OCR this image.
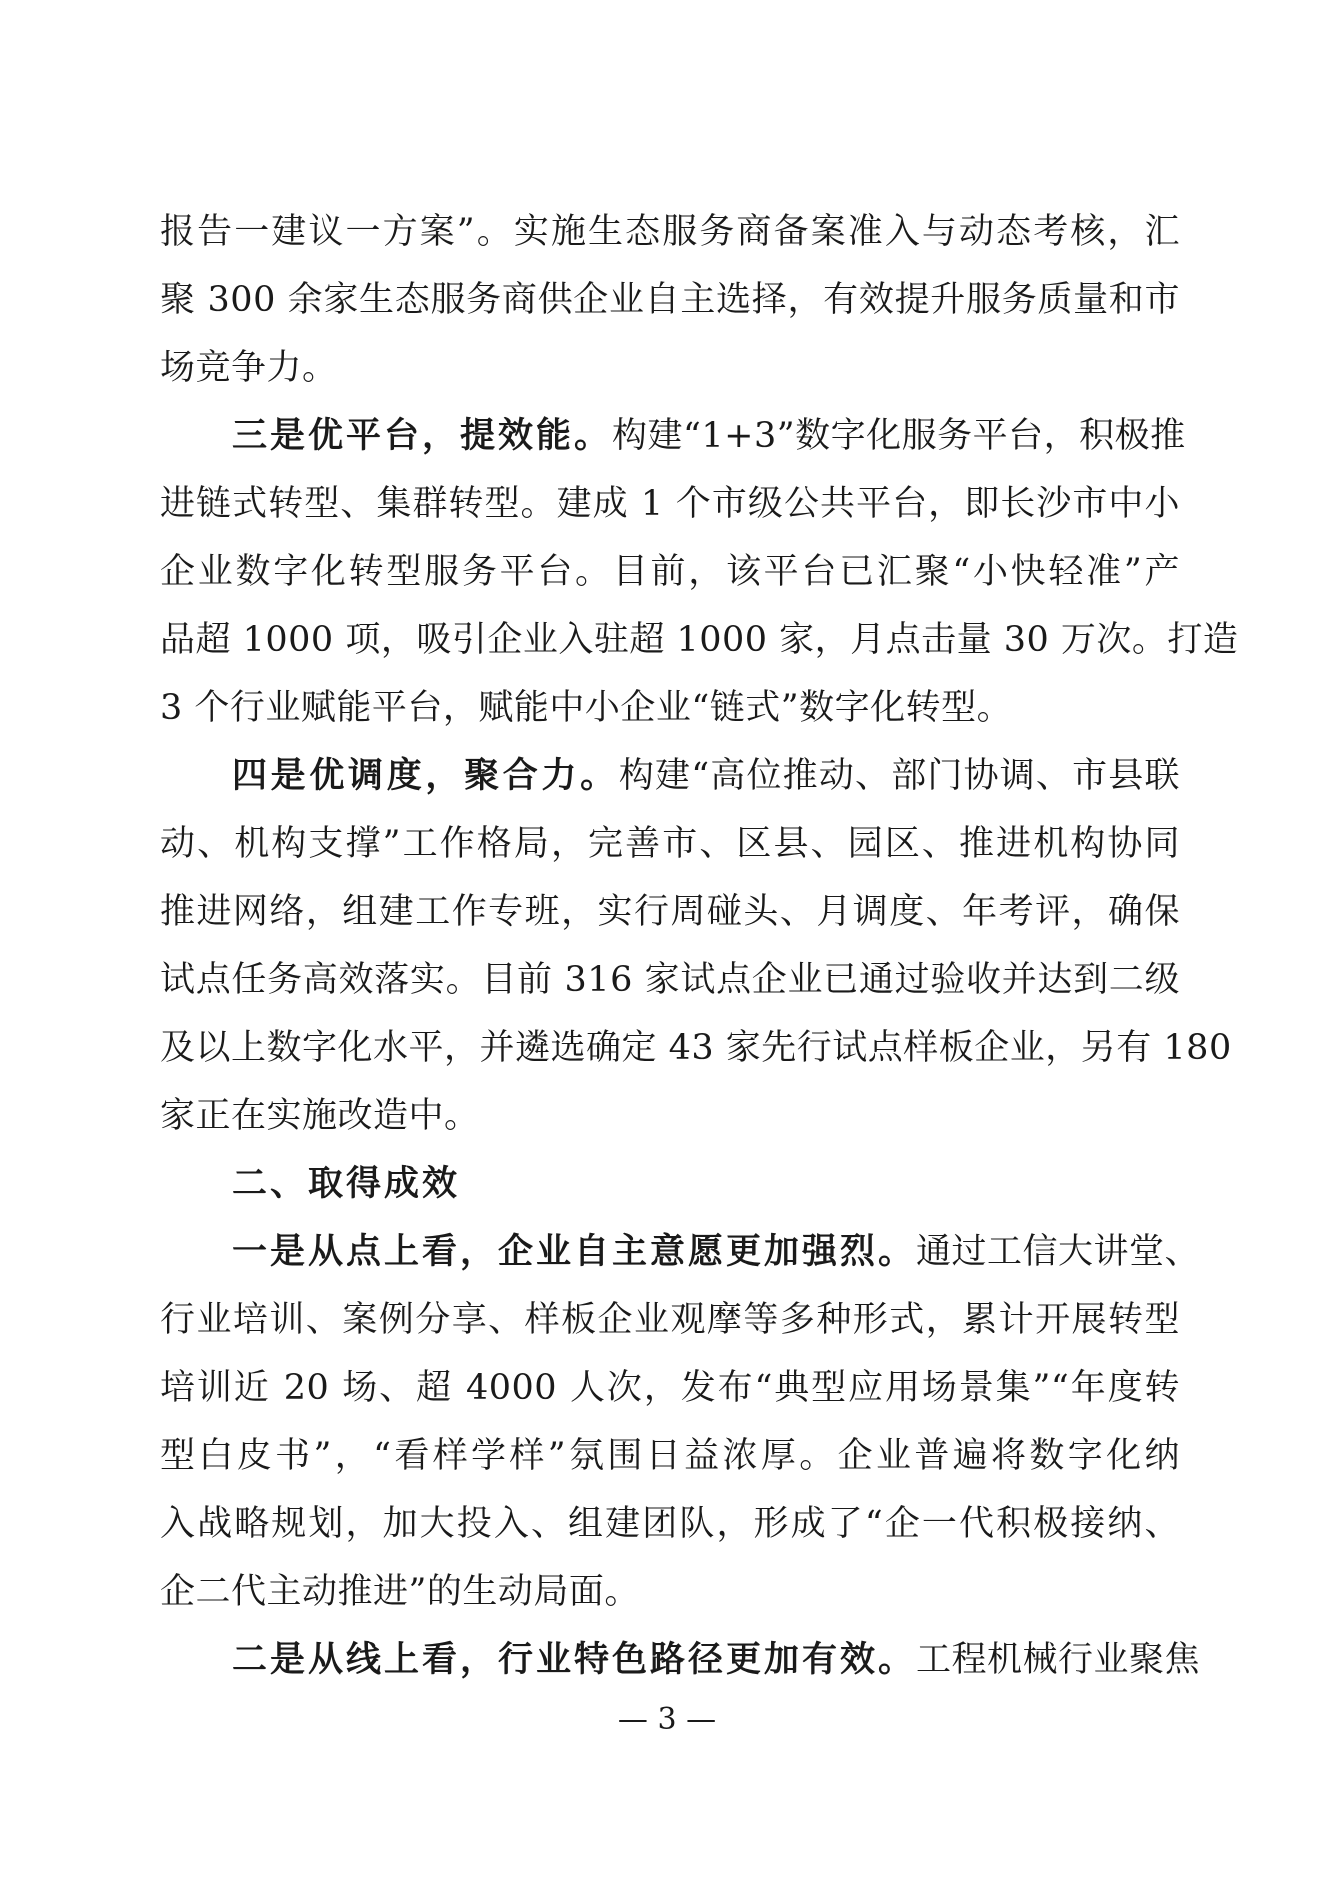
报告一建议一方案”。实施生态服务商备案准入与动态考核，汇
聚 300 余家生态服务商供企业自主选择，有效提升服务质量和市
场竞争力。
三是优平台，提效能。构建“1+3”数字化服务平台，积极推
进链式转型、集群转型。建成 1 个市级公共平台，即长沙市中小
企业数字化转型服务平台。目前，该平台已汇聚“小快轻准”产
品超 1000 项，吸引企业入驻超 1000 家，月点击量 30 万次。打造
3 个行业赋能平台，赋能中小企业“链式”数字化转型。
四是优调度，聚合力。构建“高位推动、部门协调、市县联
动、机构支撑”工作格局，完善市、区县、园区、推进机构协同
推进网络，组建工作专班，实行周碰头、月调度、年考评，确保
试点任务高效落实。目前 316 家试点企业已通过验收并达到二级
及以上数字化水平，并遴选确定 43 家先行试点样板企业，另有 180
家正在实施改造中。
二、取得成效
一是从点上看，企业自主意愿更加强烈。通过工信大讲堂、
行业培训、案例分享、样板企业观摩等多种形式，累计开展转型
培训近 20 场、超 4000 人次，发布“典型应用场景集”“年度转
型白皮书”，“看样学样”氛围日益浓厚。企业普遍将数字化纳
入战略规划，加大投入、组建团队，形成了“企一代积极接纳、
企二代主动推进”的生动局面。
二是从线上看，行业特色路径更加有效。工程机械行业聚焦
— 3 —
